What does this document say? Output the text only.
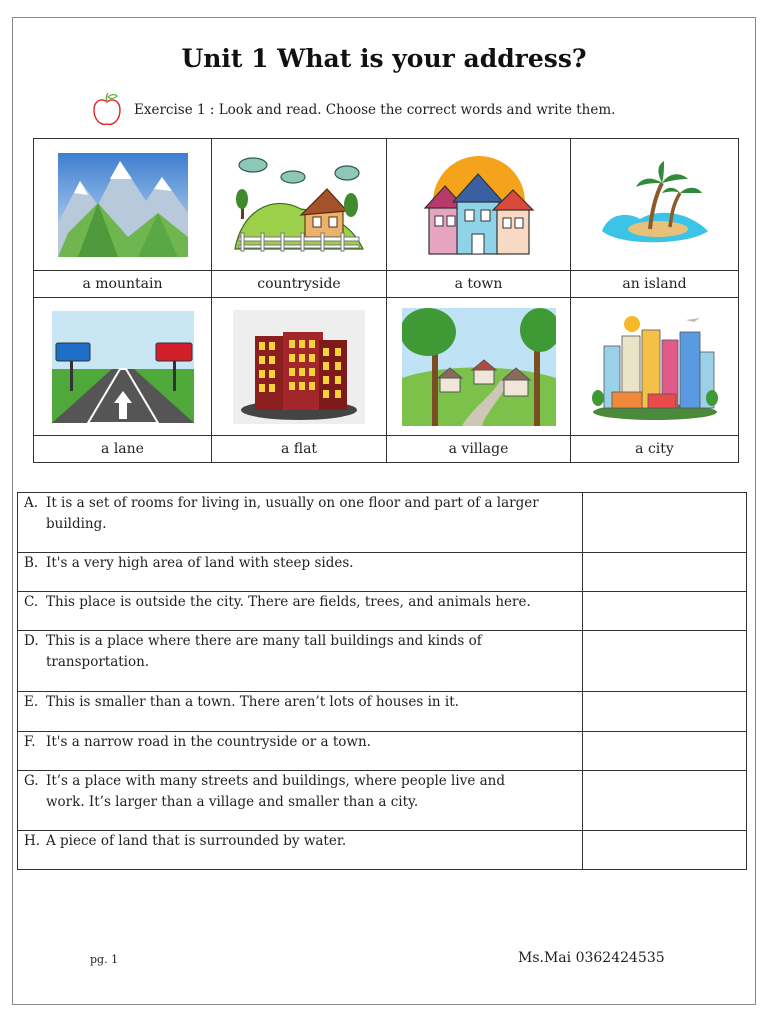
Unit 1 What is your address?
Exercise 1 : Look and read. Choose the correct words and write them.

a mountain	countryside	a town	an island

a lane	a flat	a village	a city
A. It is a set of rooms for living in, usually on one floor and part of a larger
building.	

B. It's a very high area of land with steep sides.	

C. This place is outside the city. There are fields, trees, and animals here.	

D. This is a place where there are many tall buildings and kinds of
transportation.	

E. This is smaller than a town. There aren’t lots of houses in it.	

F. It's a narrow road in the countryside or a town.	

G. It’s a place with many streets and buildings, where people live and
work. It’s larger than a village and smaller than a city.	

H. A piece of land that is surrounded by water.	

pg. 1	Ms.Mai 0362424535
